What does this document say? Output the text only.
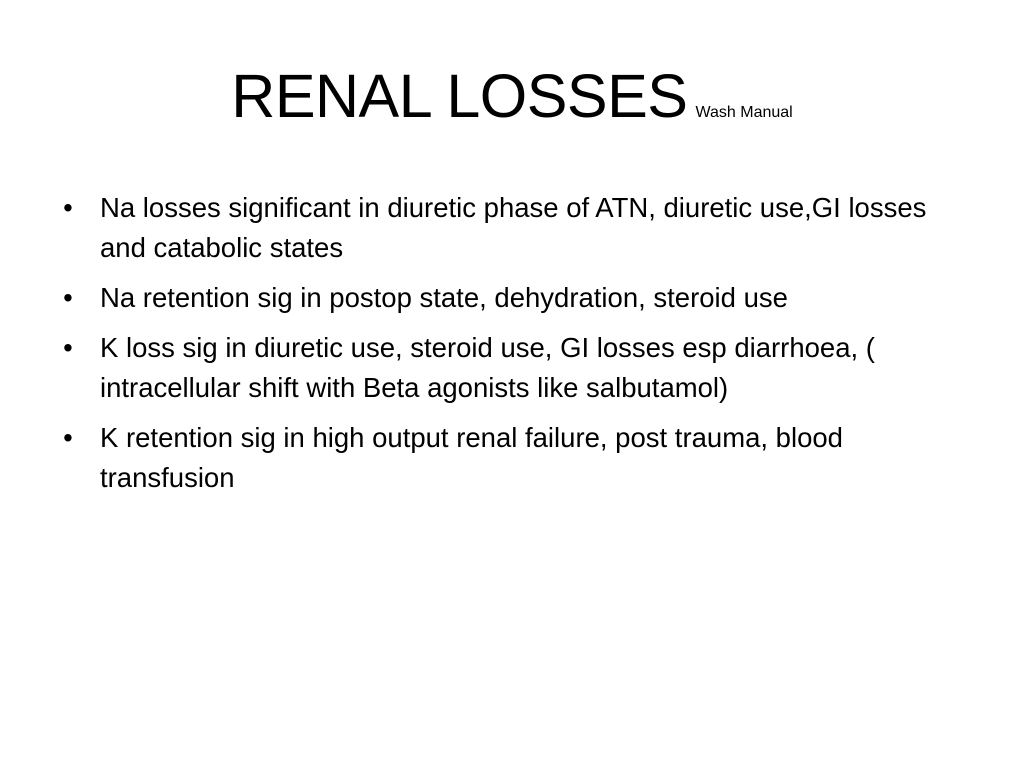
RENAL LOSSES Wash Manual
• Na losses significant in diuretic phase of ATN, diuretic use,GI losses and catabolic states
• Na retention sig in postop state, dehydration, steroid use
• K loss sig in diuretic use, steroid use, GI losses esp diarrhoea, ( intracellular shift with Beta agonists like salbutamol)
• K retention sig in high output renal failure, post trauma, blood transfusion
